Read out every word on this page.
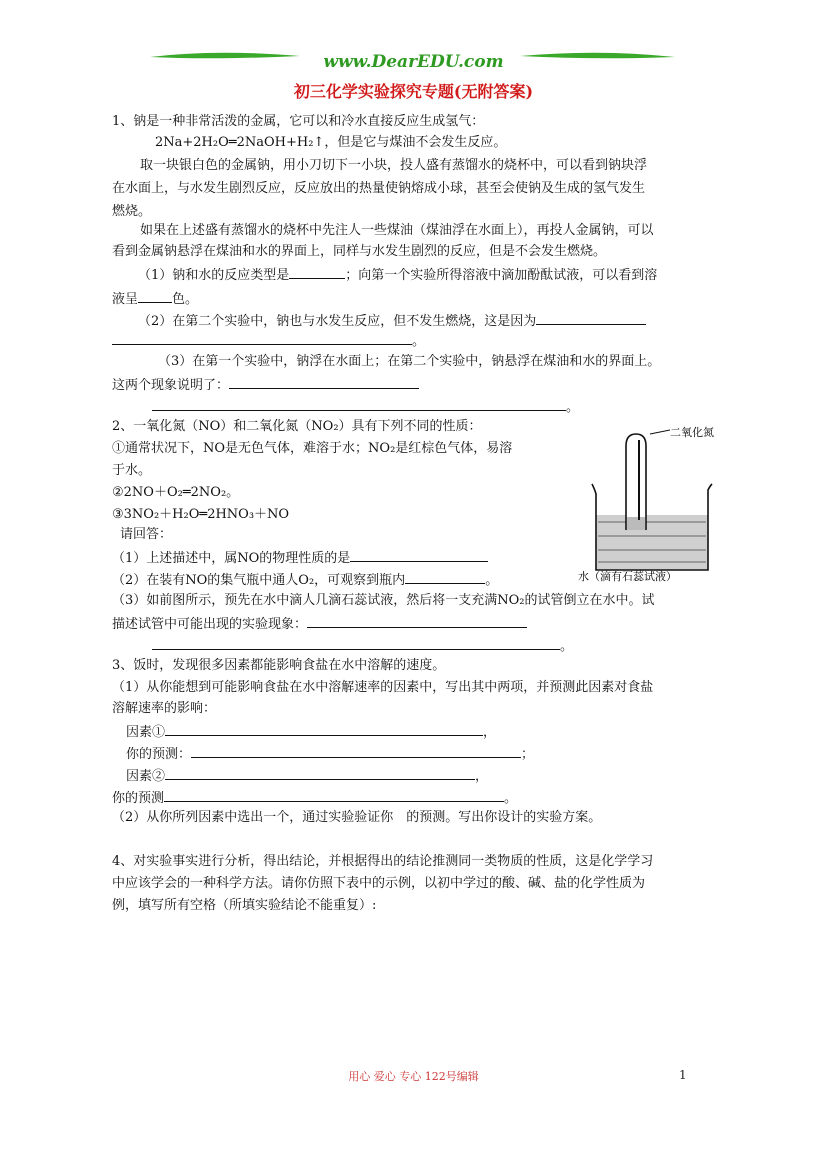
www.DearEDU.com
初三化学实验探究专题(无附答案)
1、钠是一种非常活泼的金属，它可以和冷水直接反应生成氢气：
2Na+2H₂O═2NaOH+H₂↑，但是它与煤油不会发生反应。
取一块银白色的金属钠，用小刀切下一小块，投人盛有蒸馏水的烧杯中，可以看到钠块浮
在水面上，与水发生剧烈反应，反应放出的热量使钠熔成小球，甚至会使钠及生成的氢气发生
燃烧。
如果在上述盛有蒸馏水的烧杯中先注人一些煤油（煤油浮在水面上），再投人金属钠，可以
看到金属钠悬浮在煤油和水的界面上，同样与水发生剧烈的反应，但是不会发生燃烧。
（1）钠和水的反应类型是	；向第一个实验所得溶液中滴加酚酞试液，可以看到溶
液呈	色。
（2）在第二个实验中，钠也与水发生反应，但不发生燃烧，这是因为
。
（3）在第一个实验中，钠浮在水面上；在第二个实验中，钠悬浮在煤油和水的界面上。
这两个现象说明了：
。
2、一氧化氮（NO）和二氧化氮（NO₂）具有下列不同的性质：
①通常状况下，NO是无色气体，难溶于水；NO₂是红棕色气体，易溶
于水。
②2NO＋O₂═2NO₂。
③3NO₂＋H₂O═2HNO₃＋NO
请回答：
（1）上述描述中，属NO的物理性质的是
（2）在装有NO的集气瓶中通人O₂，可观察到瓶内	。
（3）如前图所示，预先在水中滴人几滴石蕊试液，然后将一支充满NO₂的试管倒立在水中。试
描述试管中可能出现的实验现象：
。
二氧化氮
水（滴有石蕊试液）
3、饭时，发现很多因素都能影响食盐在水中溶解的速度。
（1）从你能想到可能影响食盐在水中溶解速率的因素中，写出其中两项，并预测此因素对食盐
溶解速率的影响：
因素①	，
你的预测：	；
因素②	，
你的预测	。
（2）从你所列因素中选出一个，通过实验验证你　的预测。写出你设计的实验方案。
4、对实验事实进行分析，得出结论，并根据得出的结论推测同一类物质的性质，这是化学学习
中应该学会的一种科学方法。请你仿照下表中的示例，以初中学过的酸、碱、盐的化学性质为
例，填写所有空格（所填实验结论不能重复）:
用心 爱心 专心 122号编辑	1
